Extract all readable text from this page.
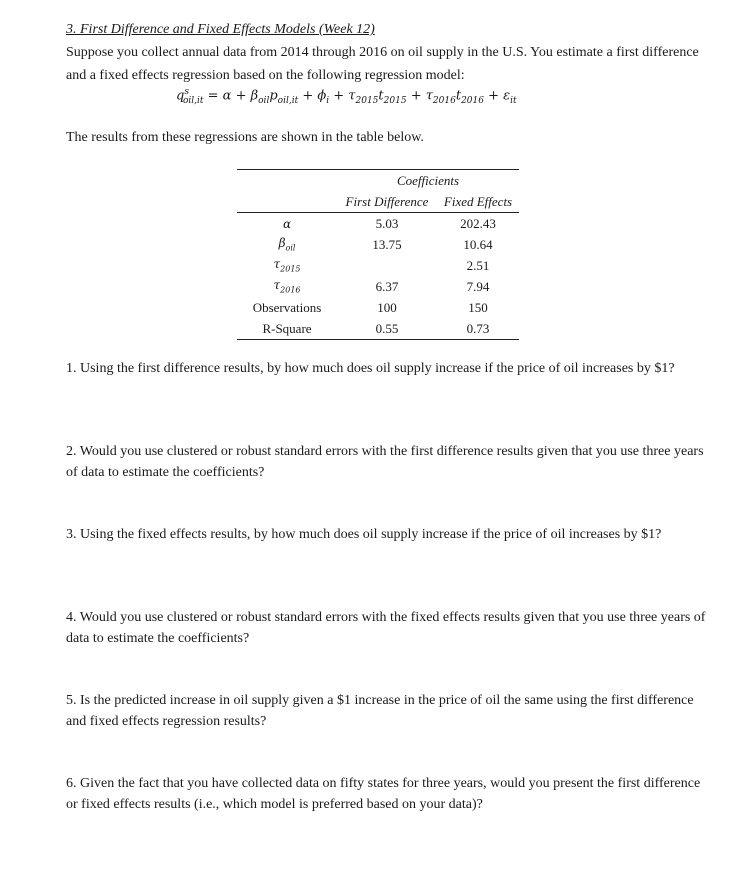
3. First Difference and Fixed Effects Models (Week 12)
Suppose you collect annual data from 2014 through 2016 on oil supply in the U.S. You estimate a first difference and a fixed effects regression based on the following regression model:
$q^s_{oil,it} = \alpha + \beta_{oil}p_{oil,it} + \phi_i + \tau_{2015}t_{2015} + \tau_{2016}t_{2016} + \varepsilon_{it}$
The results from these regressions are shown in the table below.
	Coefficients	
	First Difference	Fixed Effects
α	5.03	202.43
$\beta_{oil}$	13.75	10.64
$\tau_{2015}$		2.51
$\tau_{2016}$	6.37	7.94
Observations	100	150
R-Square	0.55	0.73
1. Using the first difference results, by how much does oil supply increase if the price of oil increases by $1?
2. Would you use clustered or robust standard errors with the first difference results given that you use three years of data to estimate the coefficients?
3. Using the fixed effects results, by how much does oil supply increase if the price of oil increases by $1?
4. Would you use clustered or robust standard errors with the fixed effects results given that you use three years of data to estimate the coefficients?
5. Is the predicted increase in oil supply given a $1 increase in the price of oil the same using the first difference and fixed effects regression results?
6. Given the fact that you have collected data on fifty states for three years, would you present the first difference or fixed effects results (i.e., which model is preferred based on your data)?
